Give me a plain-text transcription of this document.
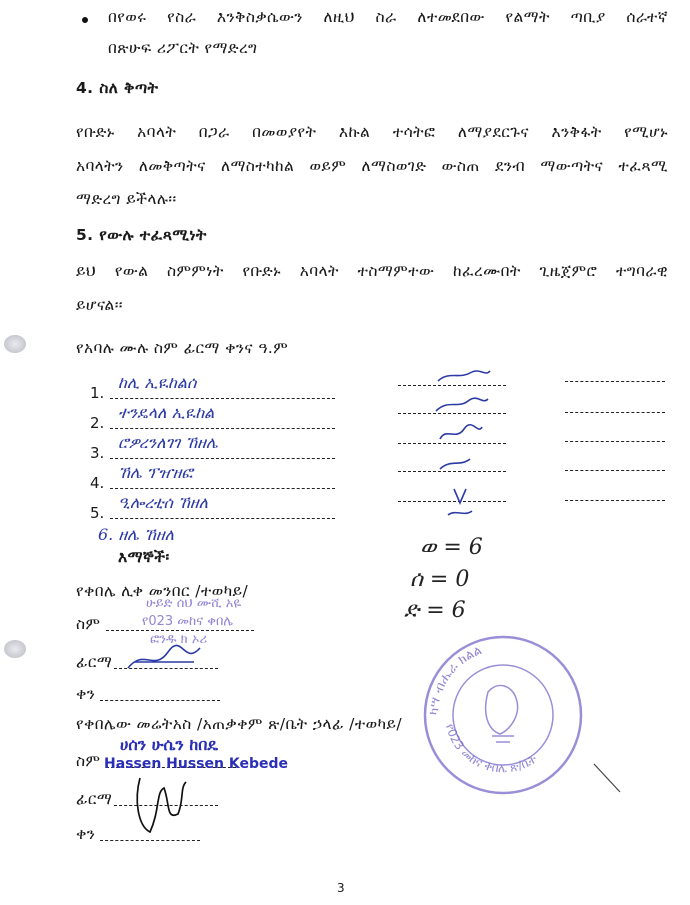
በየወሩ የስራ እንቅስቃሴውን ለዚህ ስራ ለተመደበው የልማት ጣቢያ ሰራተኛ
በጽሁፍ ሪፖርት የማድረግ
4. ስለ ቅጣት
የቡድኑ አባላት በጋራ በመወያየት እኩል ተሳትፎ ለማያደርጉና እንቅፋት የሚሆኑ
አባላትን ለመቅጣትና ለማስተካከል ወይም ለማስወገድ ውስጠ ደንብ ማውጣትና ተፈጻሚ
ማድረግ ይችላሉ፡፡
5. የውሉ ተፈጻሚነት
ይህ የውል ስምምነት የቡድኑ አባላት ተስማምተው ከፈረሙበት ጊዜጀምሮ ተግባራዊ
ይሆናል፡፡
የአባሉ ሙሉ ስም ፊርማ ቀንና ዓ.ም
1.
ከሊ ኢዪከልሰ
2.
ተንዴላለ ኢዪከል
3.
ሮዎረንለገገ ኸዘሌ
4.
ኸሌ ፕዠዘፎ
5.
ዒሎረቲሰ ኸዘለ
6. ዘሌ ኸዘለ
እማኞች፡	ወ = 6
ሰ = 0
ድ = 6
የቀበሌ ሊቀ መንበር /ተወካይ/
ስም
ሁይድ ሰህ ሙሺ አዬ
የ023 መከና ቀበሌ
ፎንዱ ክ ኦሪ
ፊርማ
ቀን
የቀበሌው መሬትአስ /አጠቃቀም ጽ/ቤት ኃላፊ /ተወካይ/
ስም
ሀሰን ሁሴን ከበዴ
Hassen Hussen Kebede
ፊርማ
ቀን
ካሣ ብሔራ ክልል
የ023 መከና ቀበሌ ጽ/ቤት
3
